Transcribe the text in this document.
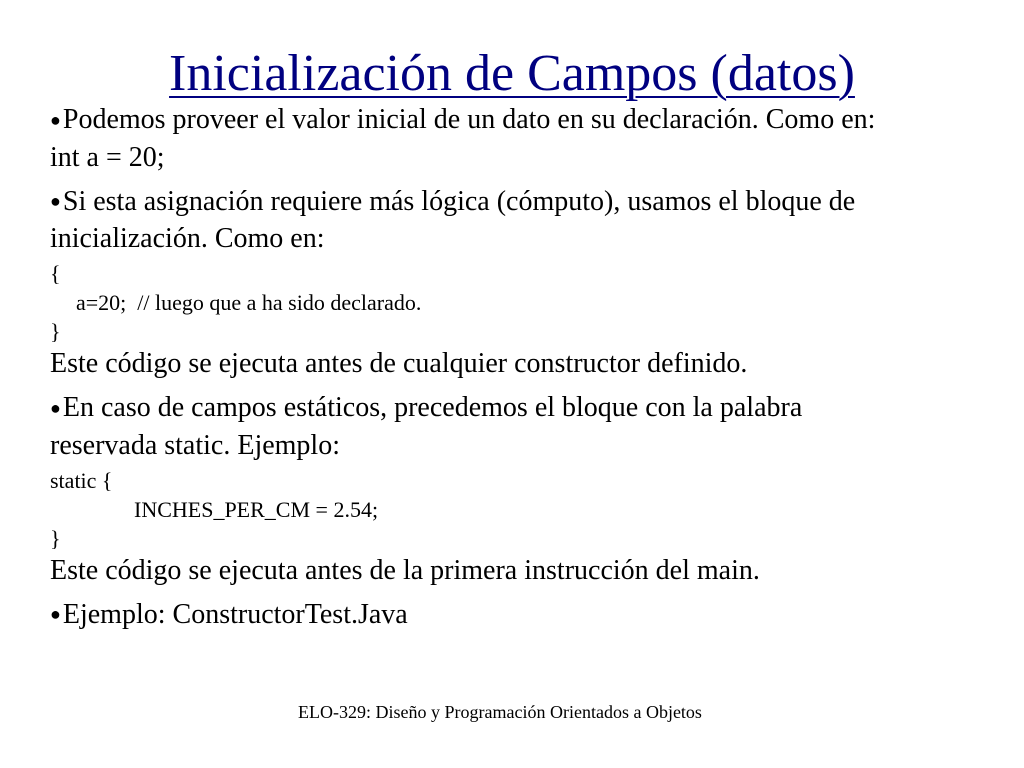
Inicialización de Campos (datos)

●Podemos proveer el valor inicial de un dato en su declaración. Como en:

int a = 20;

●Si esta asignación requiere más lógica (cómputo), usamos el bloque de

inicialización. Como en:

{

a=20;  // luego que a ha sido declarado.

}

Este código se ejecuta antes de cualquier constructor definido.

●En caso de campos estáticos, precedemos el bloque con la palabra

reservada static. Ejemplo:

static {

INCHES_PER_CM = 2.54;

}

Este código se ejecuta antes de la primera instrucción del main.

●Ejemplo: ConstructorTest.Java

ELO-329: Diseño y Programación Orientados a Objetos
